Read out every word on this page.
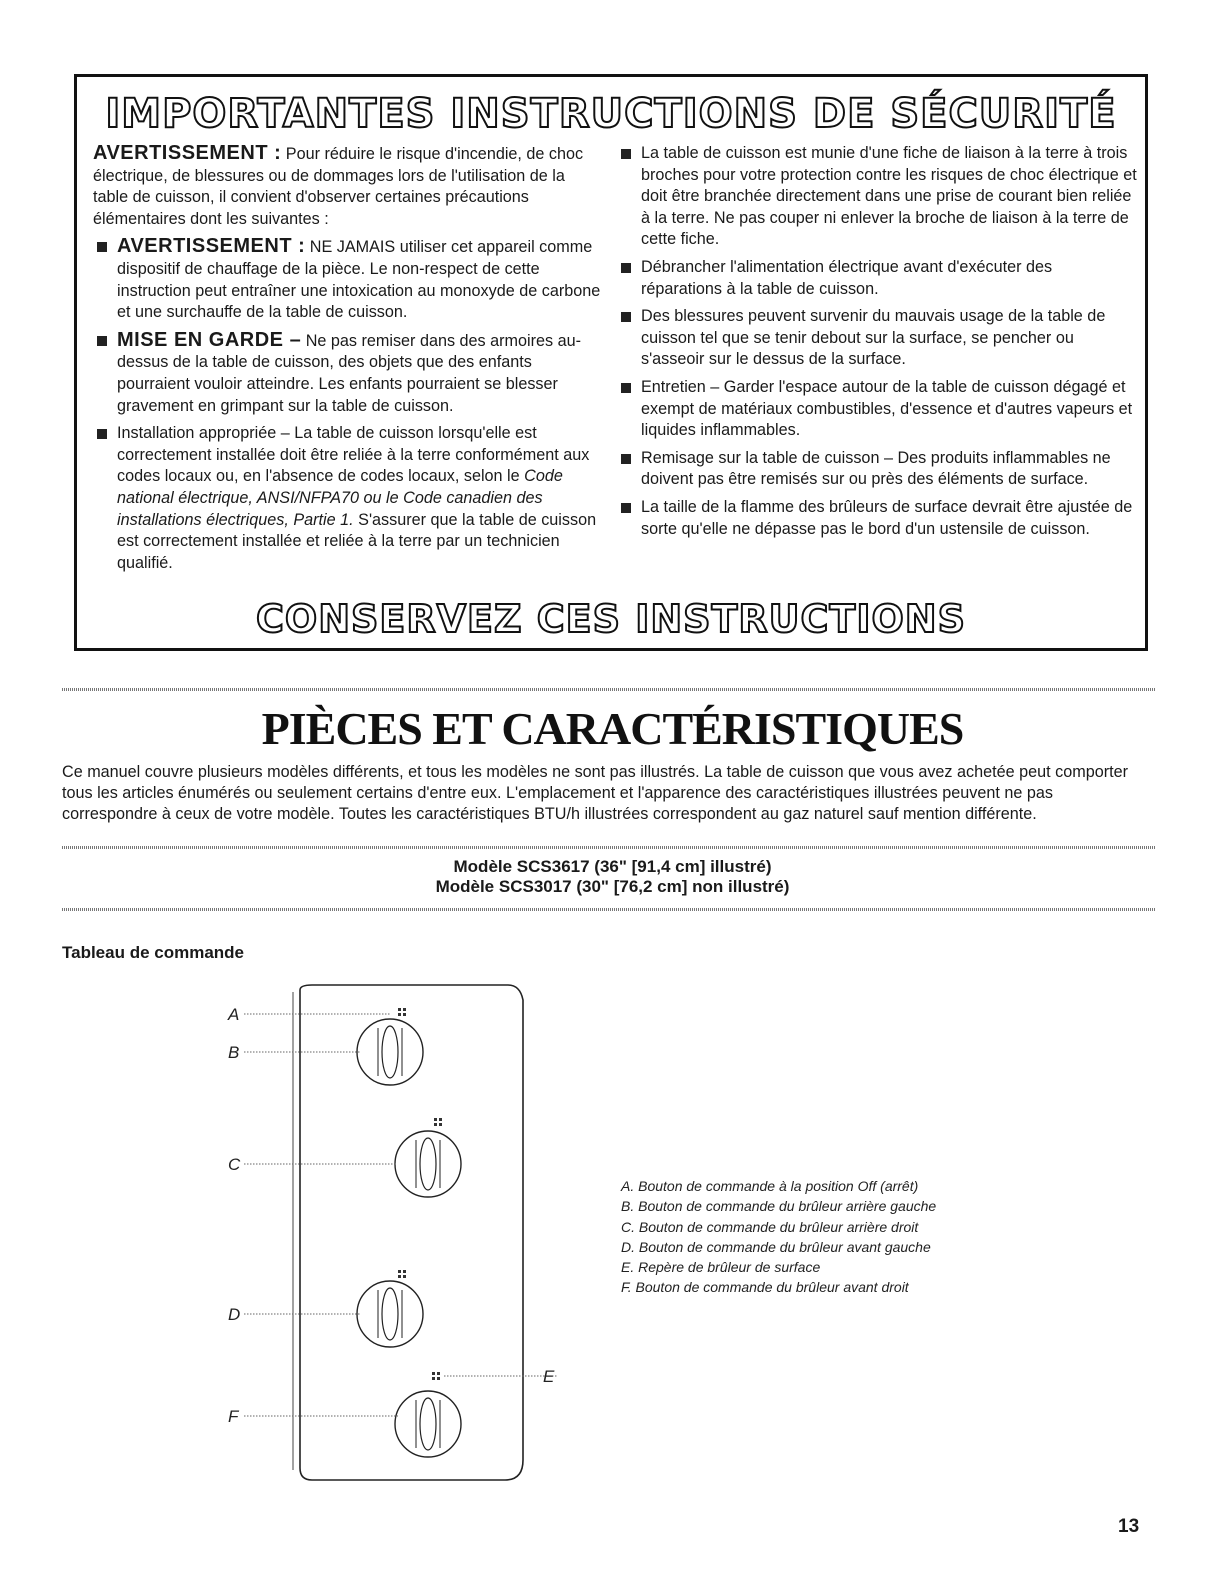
IMPORTANTES INSTRUCTIONS DE SÉCURITÉ

AVERTISSEMENT : Pour réduire le risque d'incendie, de choc électrique, de blessures ou de dommages lors de l'utilisation de la table de cuisson, il convient d'observer certaines précautions élémentaires dont les suivantes :

AVERTISSEMENT : NE JAMAIS utiliser cet appareil comme dispositif de chauffage de la pièce. Le non-respect de cette instruction peut entraîner une intoxication au monoxyde de carbone et une surchauffe de la table de cuisson.
MISE EN GARDE – Ne pas remiser dans des armoires au-dessus de la table de cuisson, des objets que des enfants pourraient vouloir atteindre. Les enfants pourraient se blesser gravement en grimpant sur la table de cuisson.
Installation appropriée – La table de cuisson lorsqu'elle est correctement installée doit être reliée à la terre conformément aux codes locaux ou, en l'absence de codes locaux, selon le Code national électrique, ANSI/NFPA70 ou le Code canadien des installations électriques, Partie 1. S'assurer que la table de cuisson est correctement installée et reliée à la terre par un technicien qualifié.
La table de cuisson est munie d'une fiche de liaison à la terre à trois broches pour votre protection contre les risques de choc électrique et doit être branchée directement dans une prise de courant bien reliée à la terre. Ne pas couper ni enlever la broche de liaison à la terre de cette fiche.
Débrancher l'alimentation électrique avant d'exécuter des réparations à la table de cuisson.
Des blessures peuvent survenir du mauvais usage de la table de cuisson tel que se tenir debout sur la surface, se pencher ou s'asseoir sur le dessus de la surface.
Entretien – Garder l'espace autour de la table de cuisson dégagé et exempt de matériaux combustibles, d'essence et d'autres vapeurs et liquides inflammables.
Remisage sur la table de cuisson – Des produits inflammables ne doivent pas être remisés sur ou près des éléments de surface.
La taille de la flamme des brûleurs de surface devrait être ajustée de sorte qu'elle ne dépasse pas le bord d'un ustensile de cuisson.
CONSERVEZ CES INSTRUCTIONS
PIÈCES ET CARACTÉRISTIQUES
Ce manuel couvre plusieurs modèles différents, et tous les modèles ne sont pas illustrés. La table de cuisson que vous avez achetée peut comporter tous les articles énumérés ou seulement certains d'entre eux. L'emplacement et l'apparence des caractéristiques illustrées peuvent ne pas correspondre à ceux de votre modèle. Toutes les caractéristiques BTU/h illustrées correspondent au gaz naturel sauf mention différente.
Modèle SCS3617 (36" [91,4 cm] illustré)
Modèle SCS3017 (30" [76,2 cm] non illustré)
Tableau de commande
A
B
C
D
E
F
A. Bouton de commande à la position Off (arrêt)
B. Bouton de commande du brûleur arrière gauche
C. Bouton de commande du brûleur arrière droit
D. Bouton de commande du brûleur avant gauche
E. Repère de brûleur de surface
F. Bouton de commande du brûleur avant droit
13
